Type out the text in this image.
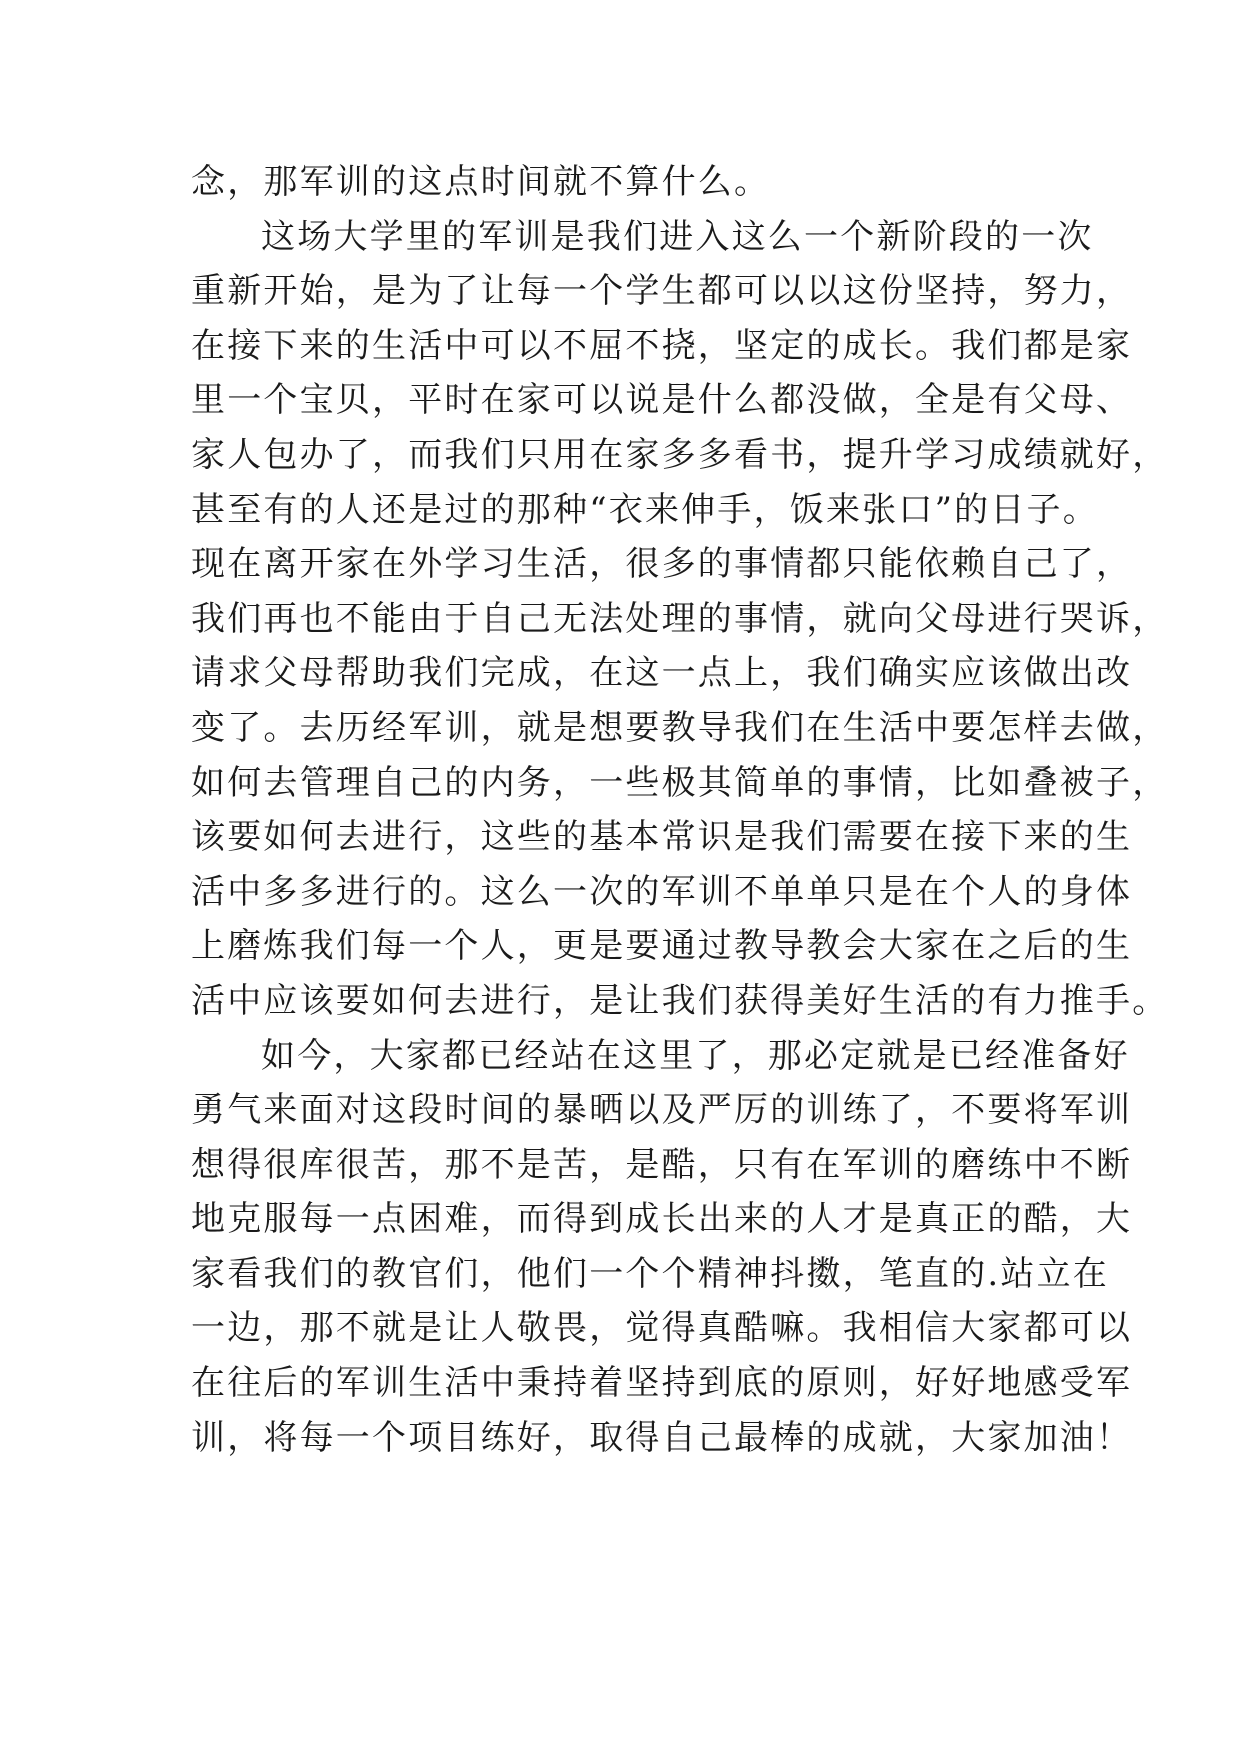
念，那军训的这点时间就不算什么。
这场大学里的军训是我们进入这么一个新阶段的一次
重新开始，是为了让每一个学生都可以以这份坚持，努力，
在接下来的生活中可以不屈不挠，坚定的成长。我们都是家
里一个宝贝，平时在家可以说是什么都没做，全是有父母、
家人包办了，而我们只用在家多多看书，提升学习成绩就好，
甚至有的人还是过的那种“衣来伸手，饭来张口”的日子。
现在离开家在外学习生活，很多的事情都只能依赖自己了，
我们再也不能由于自己无法处理的事情，就向父母进行哭诉，
请求父母帮助我们完成，在这一点上，我们确实应该做出改
变了。去历经军训，就是想要教导我们在生活中要怎样去做，
如何去管理自己的内务，一些极其简单的事情，比如叠被子，
该要如何去进行，这些的基本常识是我们需要在接下来的生
活中多多进行的。这么一次的军训不单单只是在个人的身体
上磨炼我们每一个人，更是要通过教导教会大家在之后的生
活中应该要如何去进行，是让我们获得美好生活的有力推手。
如今，大家都已经站在这里了，那必定就是已经准备好
勇气来面对这段时间的暴晒以及严厉的训练了，不要将军训
想得很库很苦，那不是苦，是酷，只有在军训的磨练中不断
地克服每一点困难，而得到成长出来的人才是真正的酷，大
家看我们的教官们，他们一个个精神抖擞，笔直的.站立在
一边，那不就是让人敬畏，觉得真酷嘛。我相信大家都可以
在往后的军训生活中秉持着坚持到底的原则，好好地感受军
训，将每一个项目练好，取得自己最棒的成就，大家加油！
